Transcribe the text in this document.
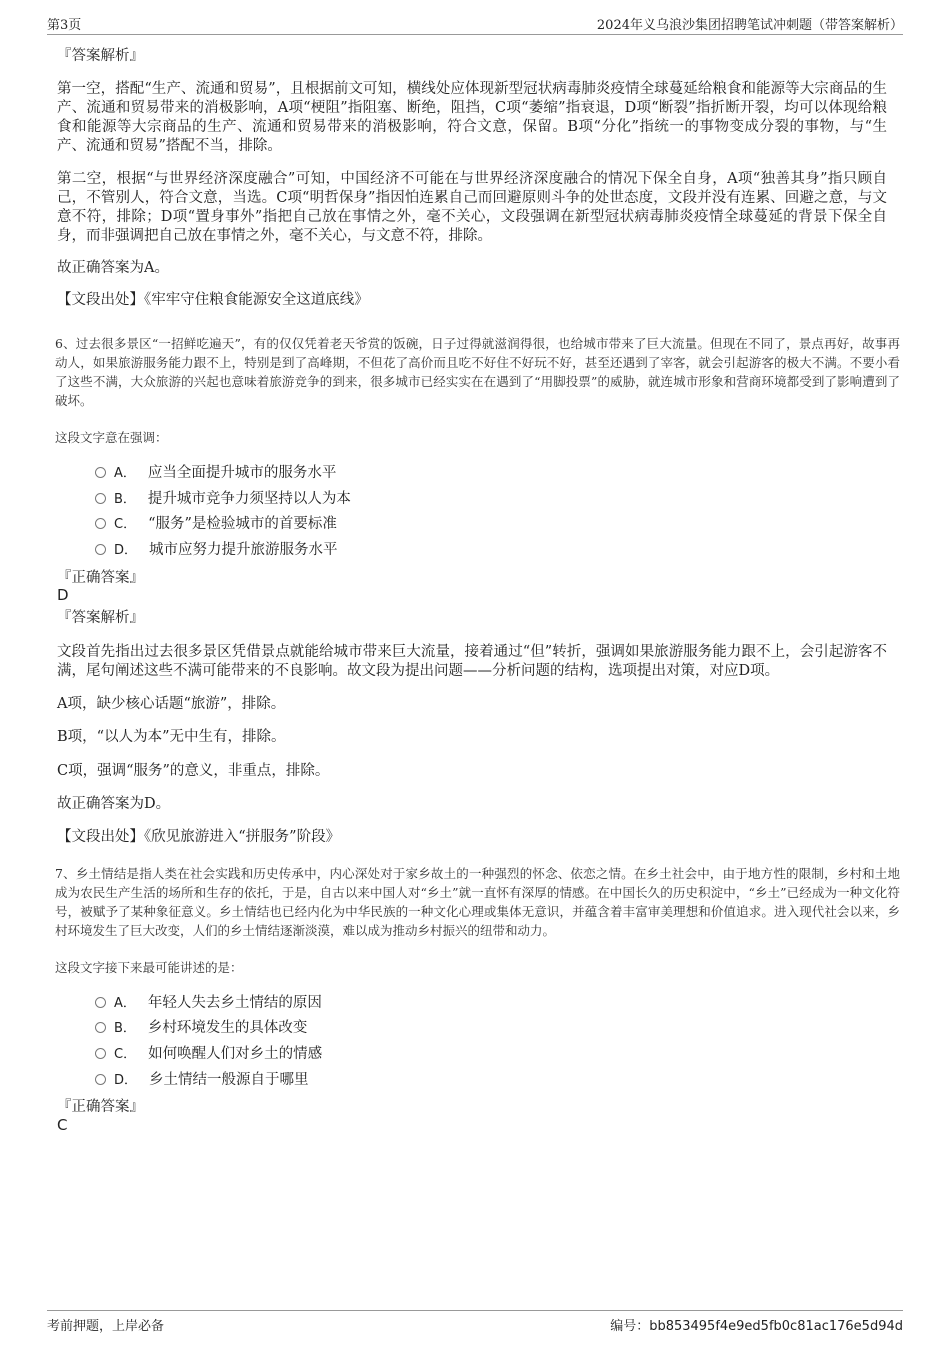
第3页	2024年义乌浪沙集团招聘笔试冲刺题（带答案解析）

『答案解析』

第一空，搭配“生产、流通和贸易”，且根据前文可知，横线处应体现新型冠状病毒肺炎疫情全球蔓延给粮食和能源等大宗商品的生产、流通和贸易带来的消极影响，A项“梗阻”指阻塞、断绝，阻挡，C项“萎缩”指衰退，D项“断裂”指折断开裂，均可以体现给粮食和能源等大宗商品的生产、流通和贸易带来的消极影响，符合文意，保留。B项“分化”指统一的事物变成分裂的事物，与“生产、流通和贸易”搭配不当，排除。

第二空，根据“与世界经济深度融合”可知，中国经济不可能在与世界经济深度融合的情况下保全自身，A项“独善其身”指只顾自己，不管别人，符合文意，当选。C项“明哲保身”指因怕连累自己而回避原则斗争的处世态度，文段并没有连累、回避之意，与文意不符，排除；D项“置身事外”指把自己放在事情之外，毫不关心，文段强调在新型冠状病毒肺炎疫情全球蔓延的背景下保全自身，而非强调把自己放在事情之外，毫不关心，与文意不符，排除。

故正确答案为A。

【文段出处】《牢牢守住粮食能源安全这道底线》

6、过去很多景区“一招鲜吃遍天”，有的仅仅凭着老天爷赏的饭碗，日子过得就滋润得很，也给城市带来了巨大流量。但现在不同了，景点再好，故事再动人，如果旅游服务能力跟不上，特别是到了高峰期，不但花了高价而且吃不好住不好玩不好，甚至还遇到了宰客，就会引起游客的极大不满。不要小看了这些不满，大众旅游的兴起也意味着旅游竞争的到来，很多城市已经实实在在遇到了“用脚投票”的威胁，就连城市形象和营商环境都受到了影响遭到了破坏。

这段文字意在强调：

A． 应当全面提升城市的服务水平
B． 提升城市竞争力须坚持以人为本
C． “服务”是检验城市的首要标准
D． 城市应努力提升旅游服务水平

『正确答案』

D

『答案解析』

文段首先指出过去很多景区凭借景点就能给城市带来巨大流量，接着通过“但”转折，强调如果旅游服务能力跟不上，会引起游客不满，尾句阐述这些不满可能带来的不良影响。故文段为提出问题——分析问题的结构，选项提出对策，对应D项。

A项，缺少核心话题“旅游”，排除。

B项，“以人为本”无中生有，排除。

C项，强调“服务”的意义，非重点，排除。

故正确答案为D。

【文段出处】《欣见旅游进入“拼服务”阶段》

7、乡土情结是指人类在社会实践和历史传承中，内心深处对于家乡故土的一种强烈的怀念、依恋之情。在乡土社会中，由于地方性的限制，乡村和土地成为农民生产生活的场所和生存的依托，于是，自古以来中国人对“乡土”就一直怀有深厚的情感。在中国长久的历史积淀中，“乡土”已经成为一种文化符号，被赋予了某种象征意义。乡土情结也已经内化为中华民族的一种文化心理或集体无意识，并蕴含着丰富审美理想和价值追求。进入现代社会以来，乡村环境发生了巨大改变，人们的乡土情结逐渐淡漠，难以成为推动乡村振兴的纽带和动力。

这段文字接下来最可能讲述的是：

A． 年轻人失去乡土情结的原因
B． 乡村环境发生的具体改变
C． 如何唤醒人们对乡土的情感
D． 乡土情结一般源自于哪里

『正确答案』

C
考前押题，上岸必备	编号：bb853495f4e9ed5fb0c81ac176e5d94d
